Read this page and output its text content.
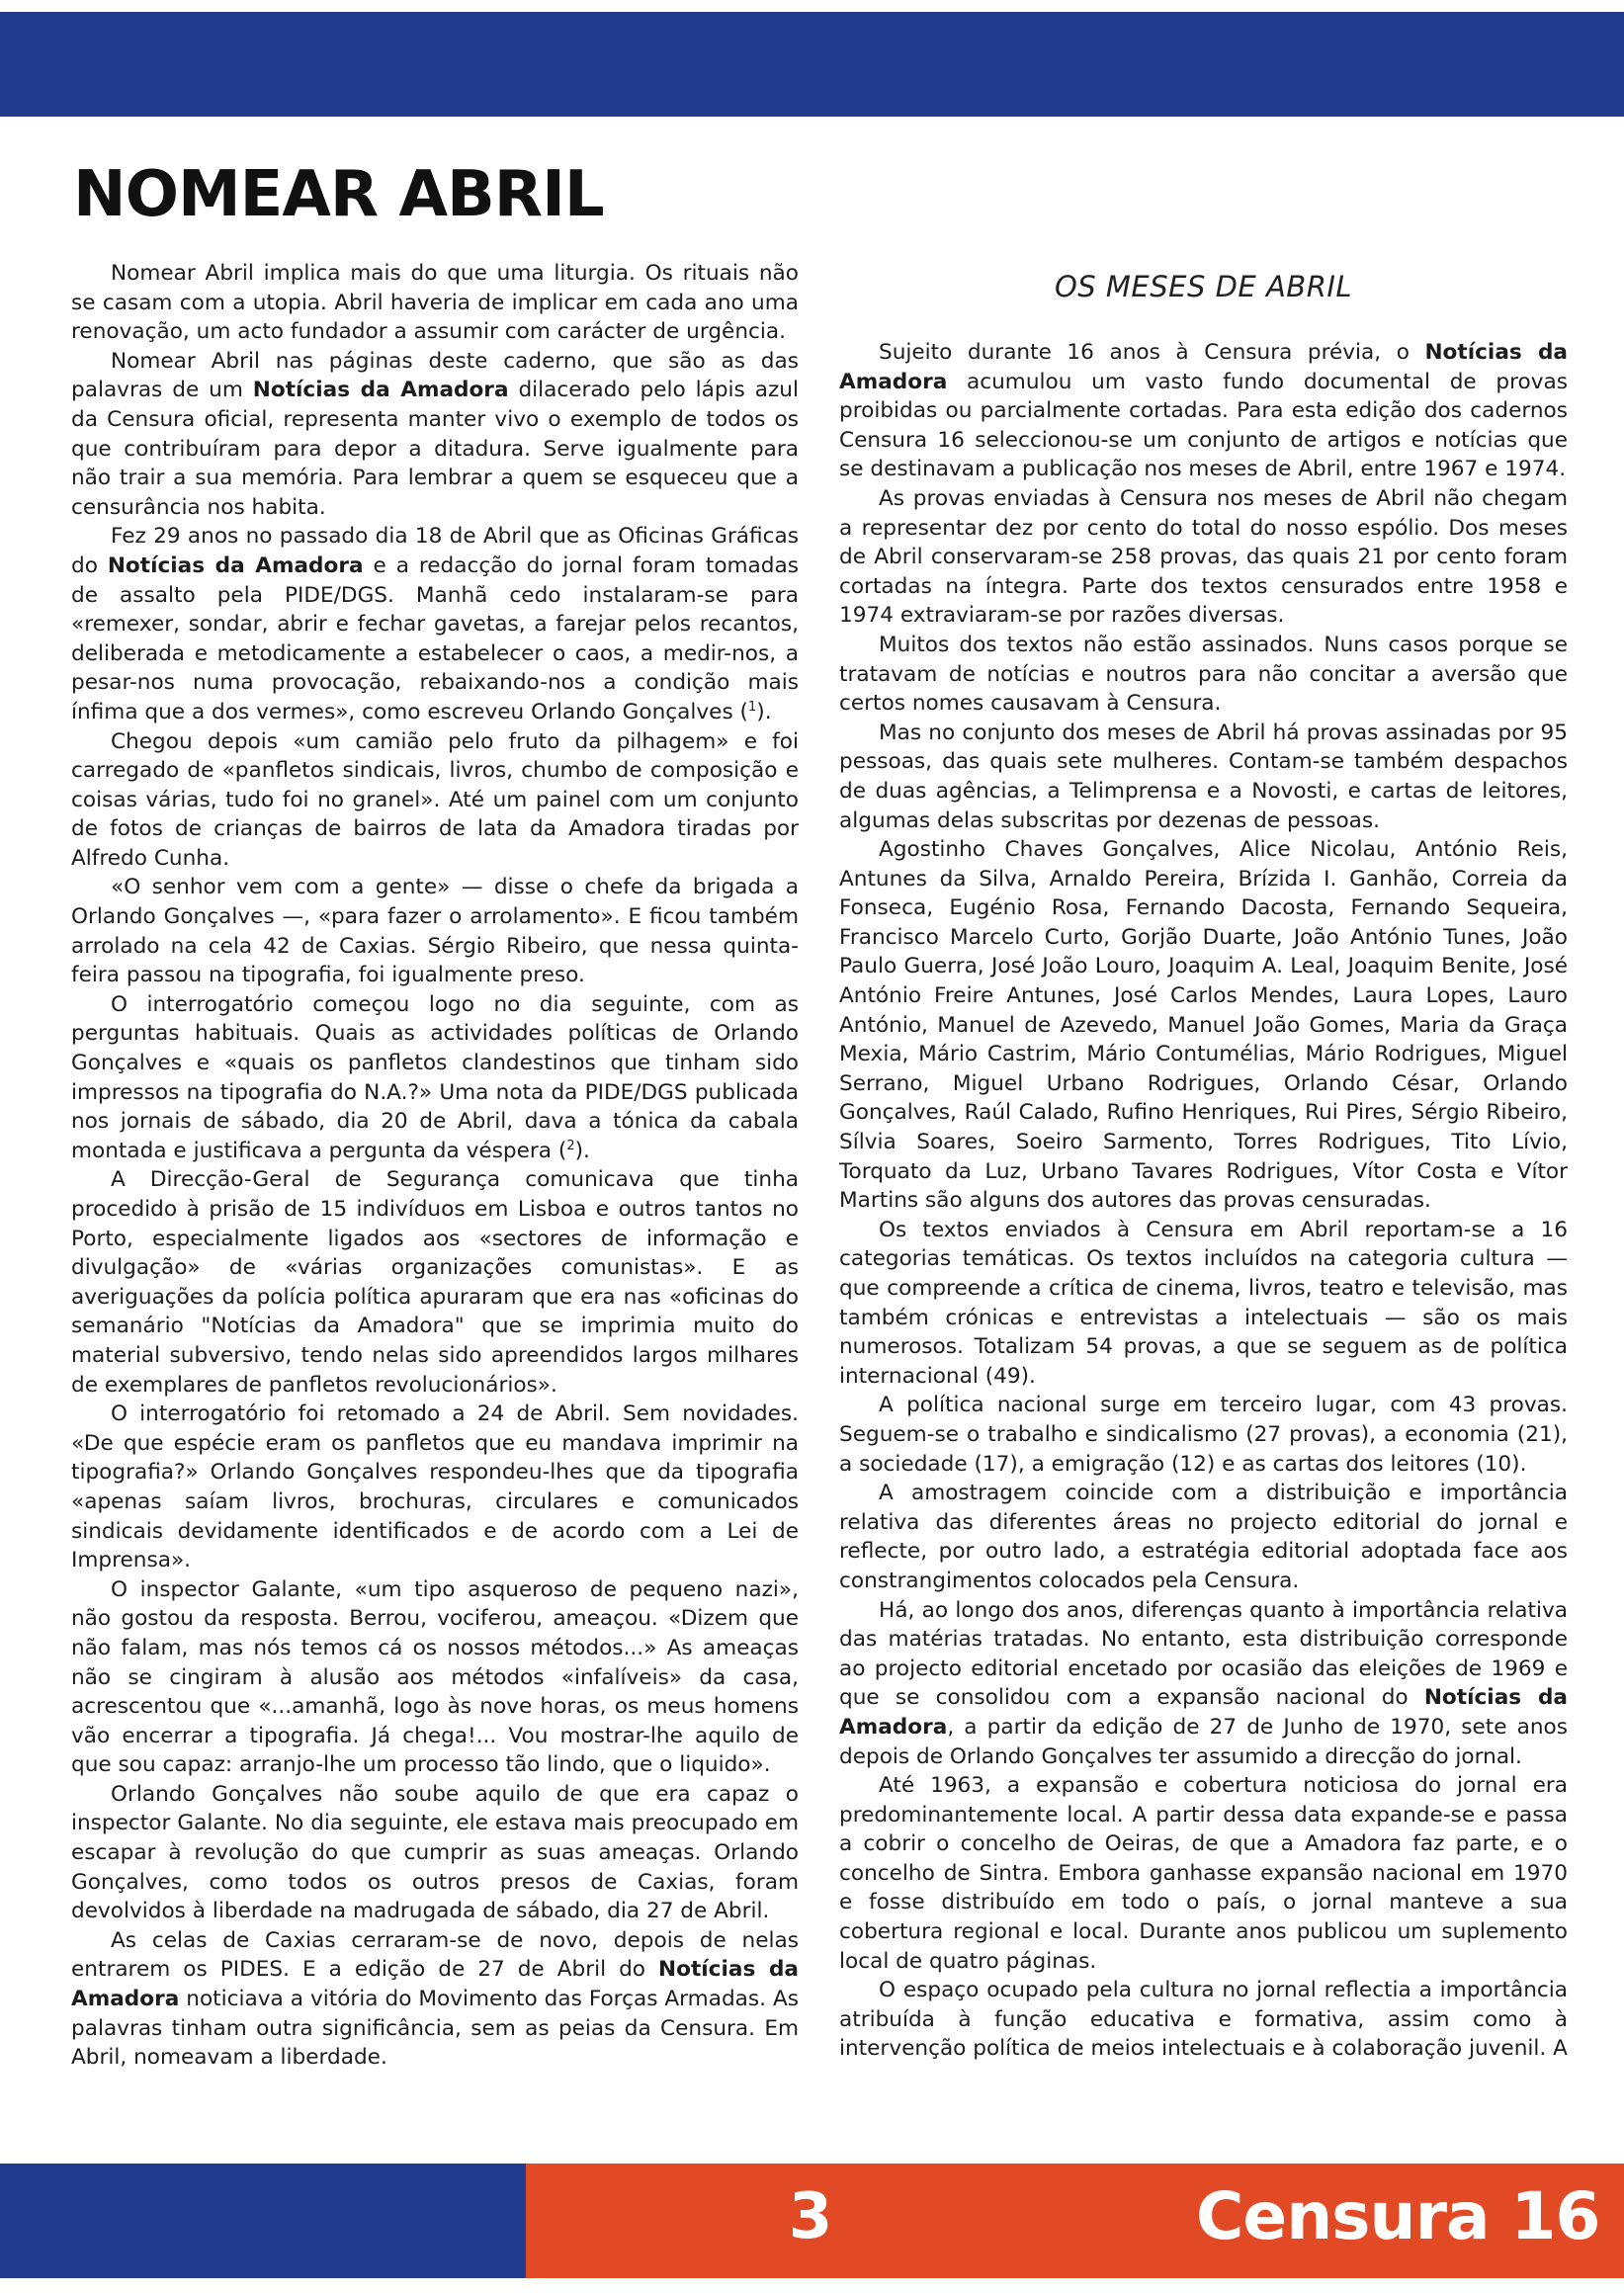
NOMEAR ABRIL

Nomear Abril implica mais do que uma liturgia. Os rituais não se casam com a utopia. Abril haveria de implicar em cada ano uma renovação, um acto fundador a assumir com carácter de urgência.

Nomear Abril nas páginas deste caderno, que são as das palavras de um Notícias da Amadora dilacerado pelo lápis azul da Censura oficial, representa manter vivo o exemplo de todos os que contribuíram para depor a ditadura. Serve igualmente para não trair a sua memória. Para lembrar a quem se esqueceu que a censurância nos habita.

Fez 29 anos no passado dia 18 de Abril que as Oficinas Gráficas do Notícias da Amadora e a redacção do jornal foram tomadas de assalto pela PIDE/DGS. Manhã cedo instalaram-se para «remexer, sondar, abrir e fechar gavetas, a farejar pelos recantos, deliberada e metodicamente a estabelecer o caos, a medir-nos, a pesar-nos numa provocação, rebaixando-nos a condição mais ínfima que a dos vermes», como escreveu Orlando Gonçalves ($^1$).

Chegou depois «um camião pelo fruto da pilhagem» e foi carregado de «panfletos sindicais, livros, chumbo de composição e coisas várias, tudo foi no granel». Até um painel com um conjunto de fotos de crianças de bairros de lata da Amadora tiradas por Alfredo Cunha.

«O senhor vem com a gente» — disse o chefe da brigada a Orlando Gonçalves —, «para fazer o arrolamento». E ficou também arrolado na cela 42 de Caxias. Sérgio Ribeiro, que nessa quinta-feira passou na tipografia, foi igualmente preso.

O interrogatório começou logo no dia seguinte, com as perguntas habituais. Quais as actividades políticas de Orlando Gonçalves e «quais os panfletos clandestinos que tinham sido impressos na tipografia do N.A.?» Uma nota da PIDE/DGS publicada nos jornais de sábado, dia 20 de Abril, dava a tónica da cabala montada e justificava a pergunta da véspera ($^2$).

A Direcção-Geral de Segurança comunicava que tinha procedido à prisão de 15 indivíduos em Lisboa e outros tantos no Porto, especialmente ligados aos «sectores de informação e divulgação» de «várias organizações comunistas». E as averiguações da polícia política apuraram que era nas «oficinas do semanário "Notícias da Amadora" que se imprimia muito do material subversivo, tendo nelas sido apreendidos largos milhares de exemplares de panfletos revolucionários».

O interrogatório foi retomado a 24 de Abril. Sem novidades. «De que espécie eram os panfletos que eu mandava imprimir na tipografia?» Orlando Gonçalves respondeu-lhes que da tipografia «apenas saíam livros, brochuras, circulares e comunicados sindicais devidamente identificados e de acordo com a Lei de Imprensa».

O inspector Galante, «um tipo asqueroso de pequeno nazi», não gostou da resposta. Berrou, vociferou, ameaçou. «Dizem que não falam, mas nós temos cá os nossos métodos...» As ameaças não se cingiram à alusão aos métodos «infalíveis» da casa, acrescentou que «...amanhã, logo às nove horas, os meus homens vão encerrar a tipografia. Já chega!... Vou mostrar-lhe aquilo de que sou capaz: arranjo-lhe um processo tão lindo, que o liquido».

Orlando Gonçalves não soube aquilo de que era capaz o inspector Galante. No dia seguinte, ele estava mais preocupado em escapar à revolução do que cumprir as suas ameaças. Orlando Gonçalves, como todos os outros presos de Caxias, foram devolvidos à liberdade na madrugada de sábado, dia 27 de Abril.

As celas de Caxias cerraram-se de novo, depois de nelas entrarem os PIDES. E a edição de 27 de Abril do Notícias da Amadora noticiava a vitória do Movimento das Forças Armadas. As palavras tinham outra significância, sem as peias da Censura. Em Abril, nomeavam a liberdade.

OS MESES DE ABRIL

Sujeito durante 16 anos à Censura prévia, o Notícias da Amadora acumulou um vasto fundo documental de provas proibidas ou parcialmente cortadas. Para esta edição dos cadernos Censura 16 seleccionou-se um conjunto de artigos e notícias que se destinavam a publicação nos meses de Abril, entre 1967 e 1974.

As provas enviadas à Censura nos meses de Abril não chegam a representar dez por cento do total do nosso espólio. Dos meses de Abril conservaram-se 258 provas, das quais 21 por cento foram cortadas na íntegra. Parte dos textos censurados entre 1958 e 1974 extraviaram-se por razões diversas.

Muitos dos textos não estão assinados. Nuns casos porque se tratavam de notícias e noutros para não concitar a aversão que certos nomes causavam à Censura.

Mas no conjunto dos meses de Abril há provas assinadas por 95 pessoas, das quais sete mulheres. Contam-se também despachos de duas agências, a Telimprensa e a Novosti, e cartas de leitores, algumas delas subscritas por dezenas de pessoas.

Agostinho Chaves Gonçalves, Alice Nicolau, António Reis, Antunes da Silva, Arnaldo Pereira, Brízida I. Ganhão, Correia da Fonseca, Eugénio Rosa, Fernando Dacosta, Fernando Sequeira, Francisco Marcelo Curto, Gorjão Duarte, João António Tunes, João Paulo Guerra, José João Louro, Joaquim A. Leal, Joaquim Benite, José António Freire Antunes, José Carlos Mendes, Laura Lopes, Lauro António, Manuel de Azevedo, Manuel João Gomes, Maria da Graça Mexia, Mário Castrim, Mário Contumélias, Mário Rodrigues, Miguel Serrano, Miguel Urbano Rodrigues, Orlando César, Orlando Gonçalves, Raúl Calado, Rufino Henriques, Rui Pires, Sérgio Ribeiro, Sílvia Soares, Soeiro Sarmento, Torres Rodrigues, Tito Lívio, Torquato da Luz, Urbano Tavares Rodrigues, Vítor Costa e Vítor Martins são alguns dos autores das provas censuradas.

Os textos enviados à Censura em Abril reportam-se a 16 categorias temáticas. Os textos incluídos na categoria cultura — que compreende a crítica de cinema, livros, teatro e televisão, mas também crónicas e entrevistas a intelectuais — são os mais numerosos. Totalizam 54 provas, a que se seguem as de política internacional (49).

A política nacional surge em terceiro lugar, com 43 provas. Seguem-se o trabalho e sindicalismo (27 provas), a economia (21), a sociedade (17), a emigração (12) e as cartas dos leitores (10).

A amostragem coincide com a distribuição e importância relativa das diferentes áreas no projecto editorial do jornal e reflecte, por outro lado, a estratégia editorial adoptada face aos constrangimentos colocados pela Censura.

Há, ao longo dos anos, diferenças quanto à importância relativa das matérias tratadas. No entanto, esta distribuição corresponde ao projecto editorial encetado por ocasião das eleições de 1969 e que se consolidou com a expansão nacional do Notícias da Amadora, a partir da edição de 27 de Junho de 1970, sete anos depois de Orlando Gonçalves ter assumido a direcção do jornal.

Até 1963, a expansão e cobertura noticiosa do jornal era predominantemente local. A partir dessa data expande-se e passa a cobrir o concelho de Oeiras, de que a Amadora faz parte, e o concelho de Sintra. Embora ganhasse expansão nacional em 1970 e fosse distribuído em todo o país, o jornal manteve a sua cobertura regional e local. Durante anos publicou um suplemento local de quatro páginas.

O espaço ocupado pela cultura no jornal reflectia a importância atribuída à função educativa e formativa, assim como à intervenção política de meios intelectuais e à colaboração juvenil. A

3	Censura 16
